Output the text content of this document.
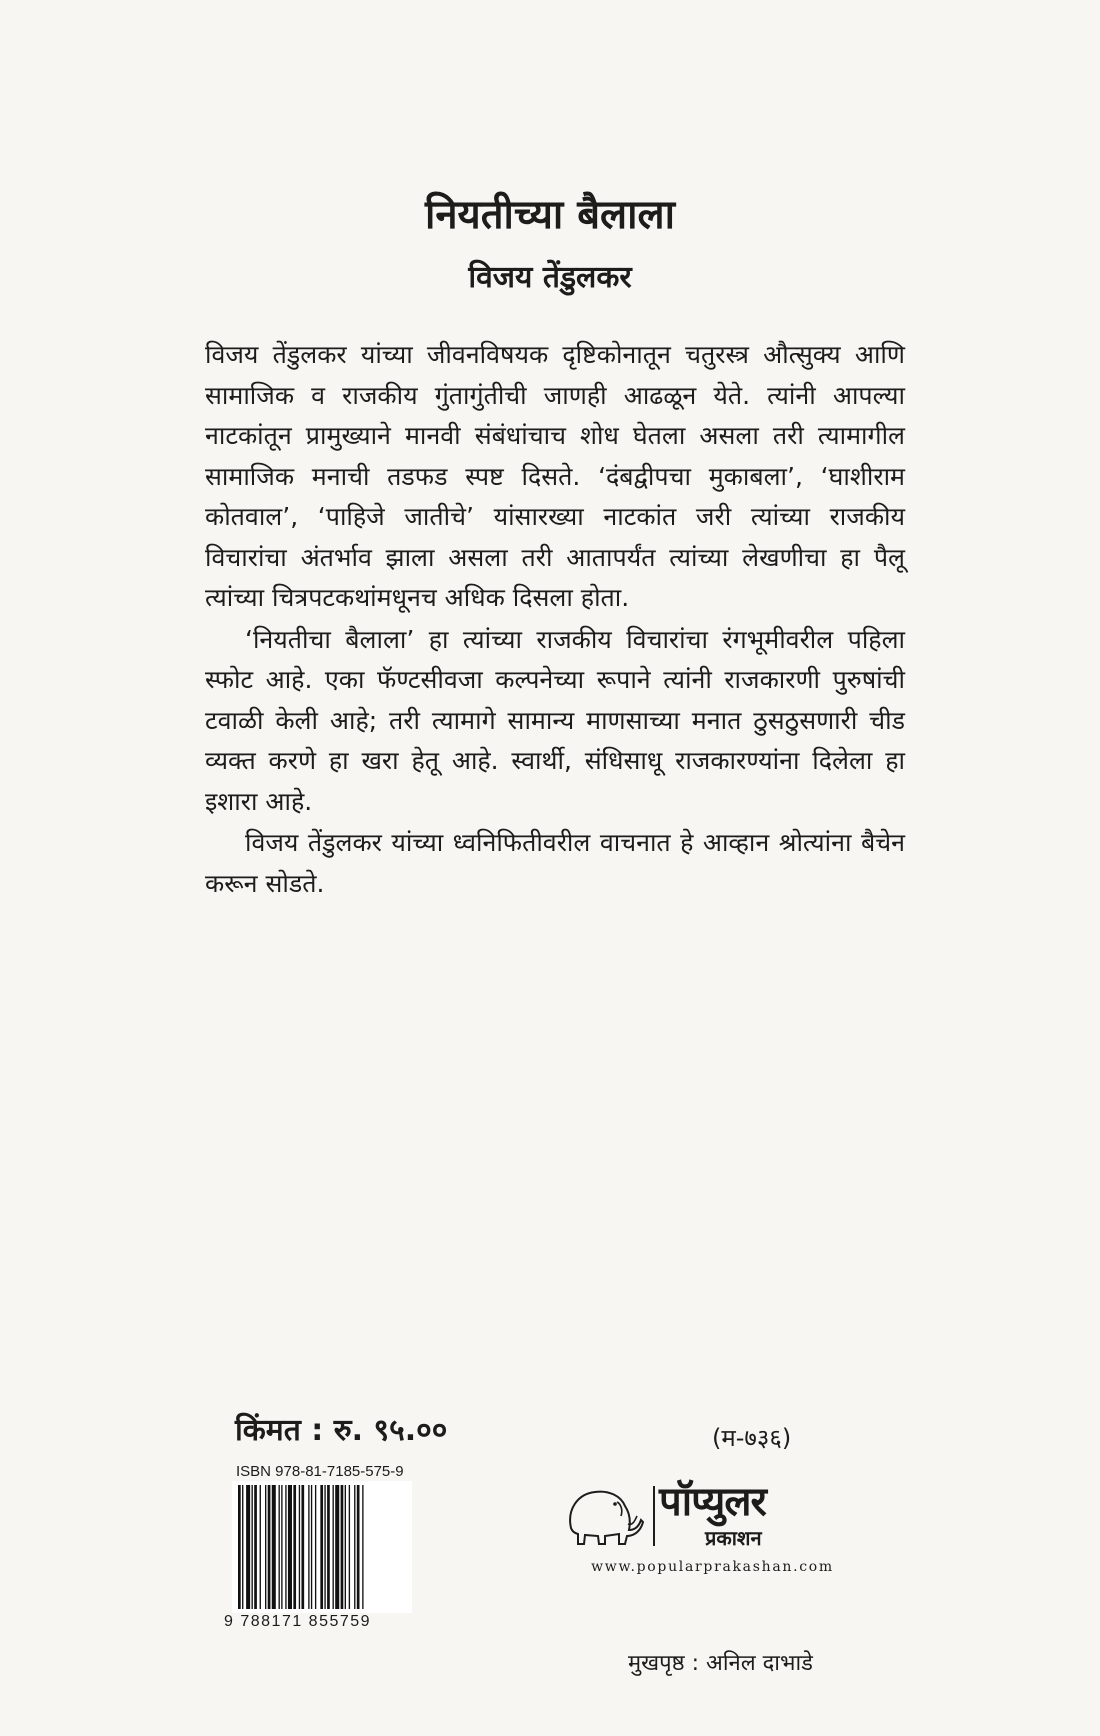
नियतीच्या बैलाला
विजय तेंडुलकर

विजय तेंडुलकर यांच्या जीवनविषयक दृष्टिकोनातून चतुरस्त्र औत्सुक्य आणि सामाजिक व राजकीय गुंतागुंतीची जाणही आढळून येते. त्यांनी आपल्या नाटकांतून प्रामुख्याने मानवी संबंधांचाच शोध घेतला असला तरी त्यामागील सामाजिक मनाची तडफड स्पष्ट दिसते. ‘दंबद्वीपचा मुकाबला’, ‘घाशीराम कोतवाल’, ‘पाहिजे जातीचे’ यांसारख्या नाटकांत जरी त्यांच्या राजकीय विचारांचा अंतर्भाव झाला असला तरी आतापर्यंत त्यांच्या लेखणीचा हा पैलू त्यांच्या चित्रपटकथांमधूनच अधिक दिसला होता.

‘नियतीचा बैलाला’ हा त्यांच्या राजकीय विचारांचा रंगभूमीवरील पहिला स्फोट आहे. एका फॅण्टसीवजा कल्पनेच्या रूपाने त्यांनी राजकारणी पुरुषांची टवाळी केली आहे; तरी त्यामागे सामान्य माणसाच्या मनात ठुसठुसणारी चीड व्यक्त करणे हा खरा हेतू आहे. स्वार्थी, संधिसाधू राजकारण्यांना दिलेला हा इशारा आहे.

विजय तेंडुलकर यांच्या ध्वनिफितीवरील वाचनात हे आव्हान श्रोत्यांना बैचेन करून सोडते.

किंमत : रु. ९५.००	(म-७३६)

ISBN 978-81-7185-575-9
9 788171 855759
पॉप्युलर
प्रकाशन
www.popularprakashan.com

मुखपृष्ठ : अनिल दाभाडे
